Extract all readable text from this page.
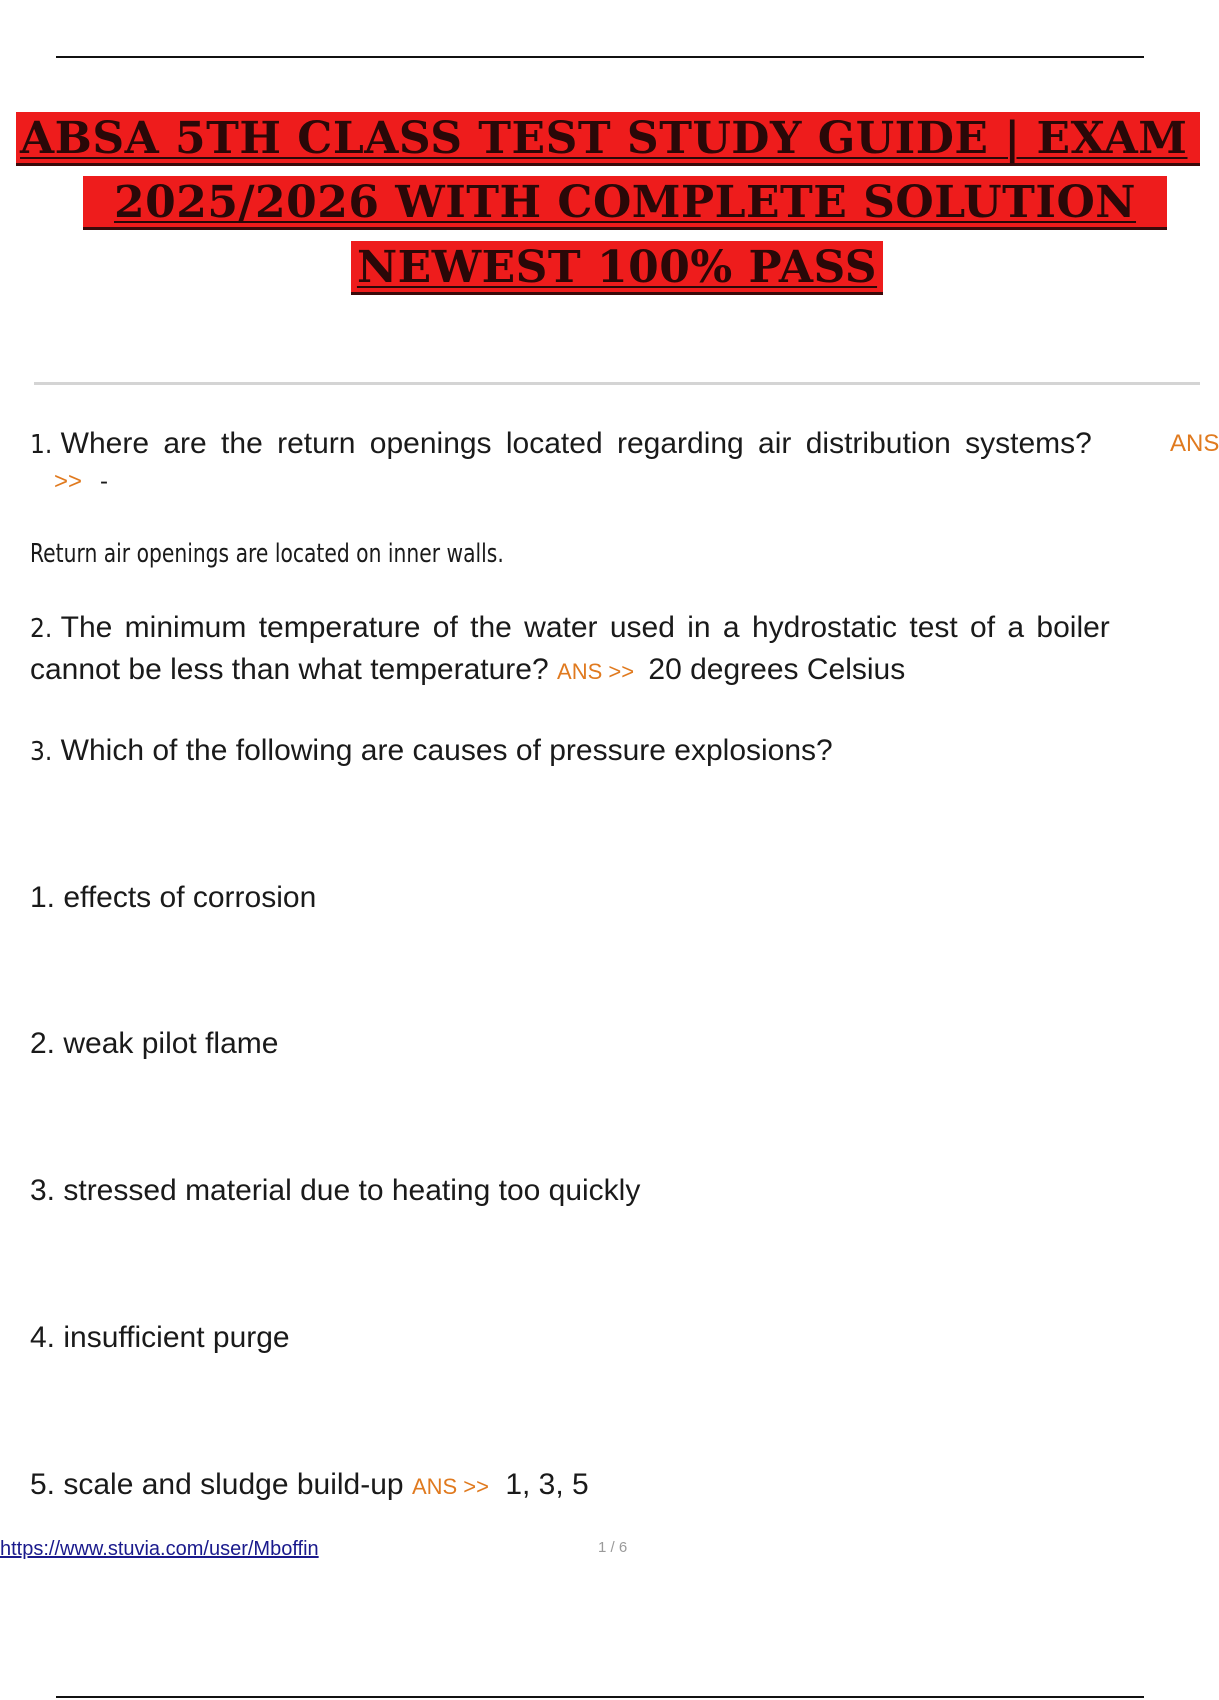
ABSA 5TH CLASS TEST STUDY GUIDE | EXAM
2025/2026 WITH COMPLETE SOLUTION
NEWEST 100% PASS
1. Where are the return openings located regarding air distribution systems?	ANS
>> -
Return air openings are located on inner walls.
2. The minimum temperature of the water used in a hydrostatic test of a boiler
cannot be less than what temperature? ANS >> 20 degrees Celsius
3. Which of the following are causes of pressure explosions?
1. effects of corrosion
2. weak pilot flame
3. stressed material due to heating too quickly
4. insufficient purge
5. scale and sludge build-up ANS >> 1, 3, 5
https://www.stuvia.com/user/Mboffin	1 / 6
